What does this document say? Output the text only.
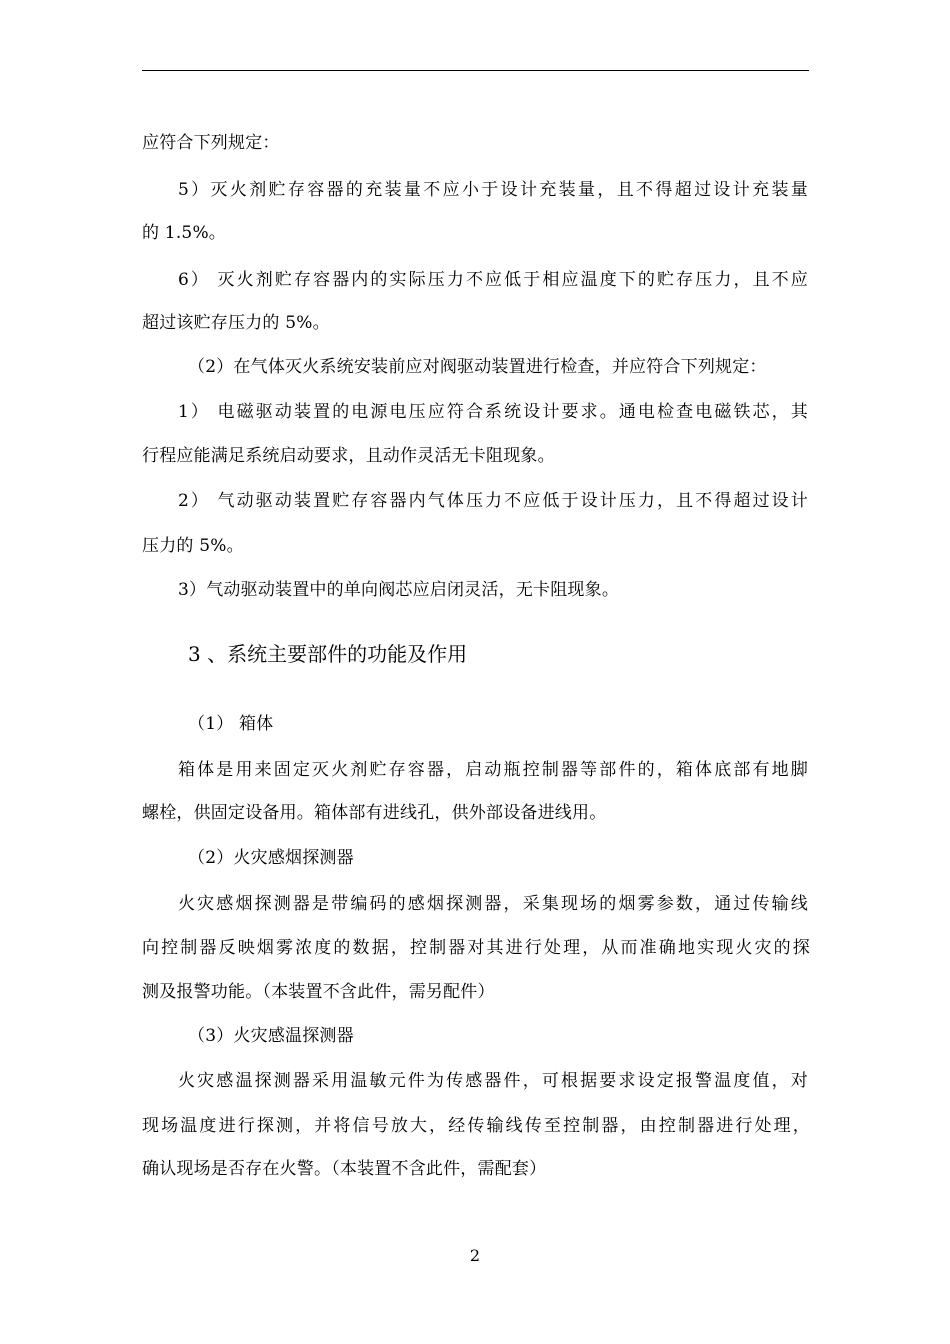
应符合下列规定：
5）灭火剂贮存容器的充装量不应小于设计充装量，且不得超过设计充装量
的 1.5%。
6） 灭火剂贮存容器内的实际压力不应低于相应温度下的贮存压力，且不应
超过该贮存压力的 5%。
（2）在气体灭火系统安装前应对阀驱动装置进行检查，并应符合下列规定：
1） 电磁驱动装置的电源电压应符合系统设计要求。通电检查电磁铁芯，其
行程应能满足系统启动要求，且动作灵活无卡阻现象。
2） 气动驱动装置贮存容器内气体压力不应低于设计压力，且不得超过设计
压力的 5%。
3）气动驱动装置中的单向阀芯应启闭灵活，无卡阻现象。
3 、系统主要部件的功能及作用
（1） 箱体
箱体是用来固定灭火剂贮存容器，启动瓶控制器等部件的，箱体底部有地脚
螺栓，供固定设备用。箱体部有进线孔，供外部设备进线用。
（2）火灾感烟探测器
火灾感烟探测器是带编码的感烟探测器，采集现场的烟雾参数，通过传输线
向控制器反映烟雾浓度的数据，控制器对其进行处理，从而准确地实现火灾的探
测及报警功能。（本装置不含此件，需另配件）
（3）火灾感温探测器
火灾感温探测器采用温敏元件为传感器件，可根据要求设定报警温度值，对
现场温度进行探测，并将信号放大，经传输线传至控制器，由控制器进行处理，
确认现场是否存在火警。（本装置不含此件，需配套）
2
